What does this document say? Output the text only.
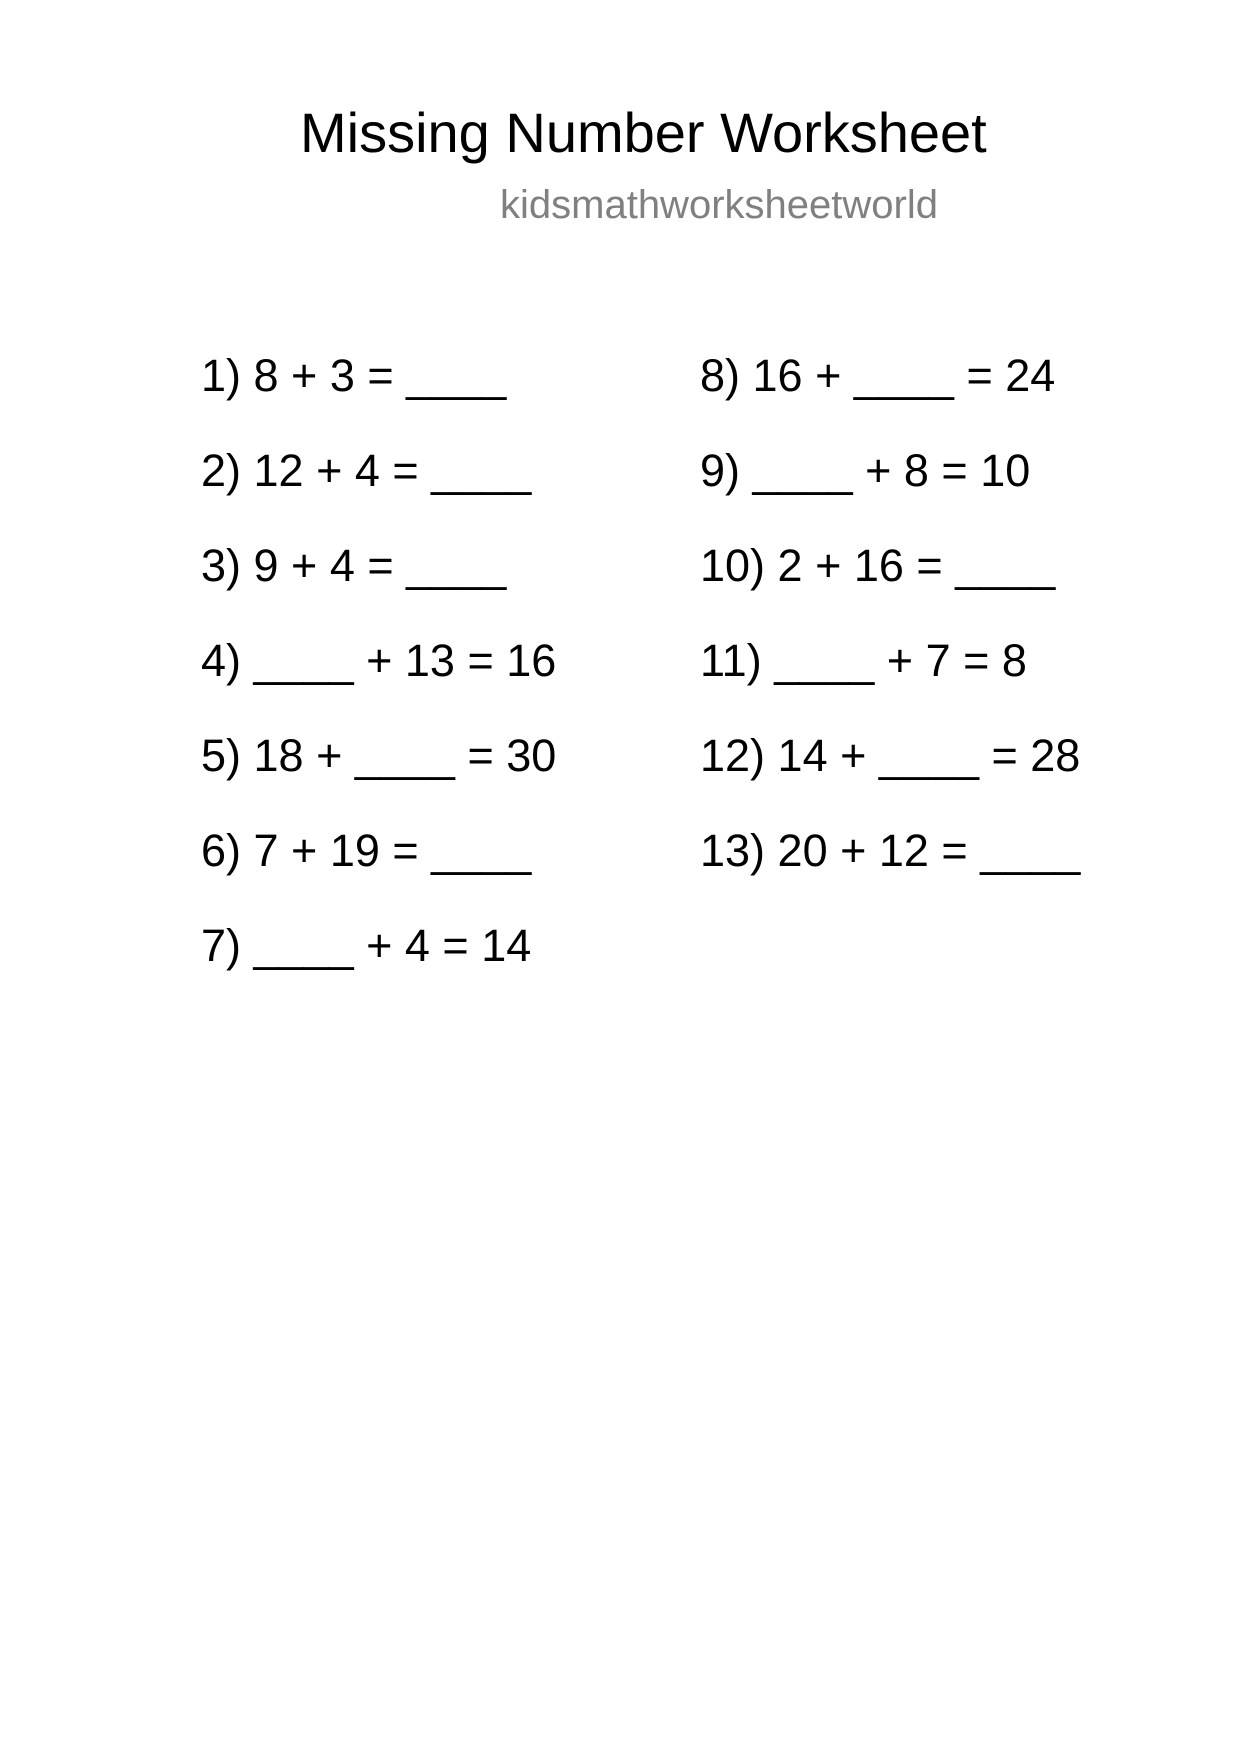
Missing Number Worksheet
kidsmathworksheetworld
1) 8 + 3 = ____
2) 12 + 4 = ____
3) 9 + 4 = ____
4) ____ + 13 = 16
5) 18 + ____ = 30
6) 7 + 19 = ____
7) ____ + 4 = 14
8) 16 + ____ = 24
9) ____ + 8 = 10
10) 2 + 16 = ____
11) ____ + 7 = 8
12) 14 + ____ = 28
13) 20 + 12 = ____
